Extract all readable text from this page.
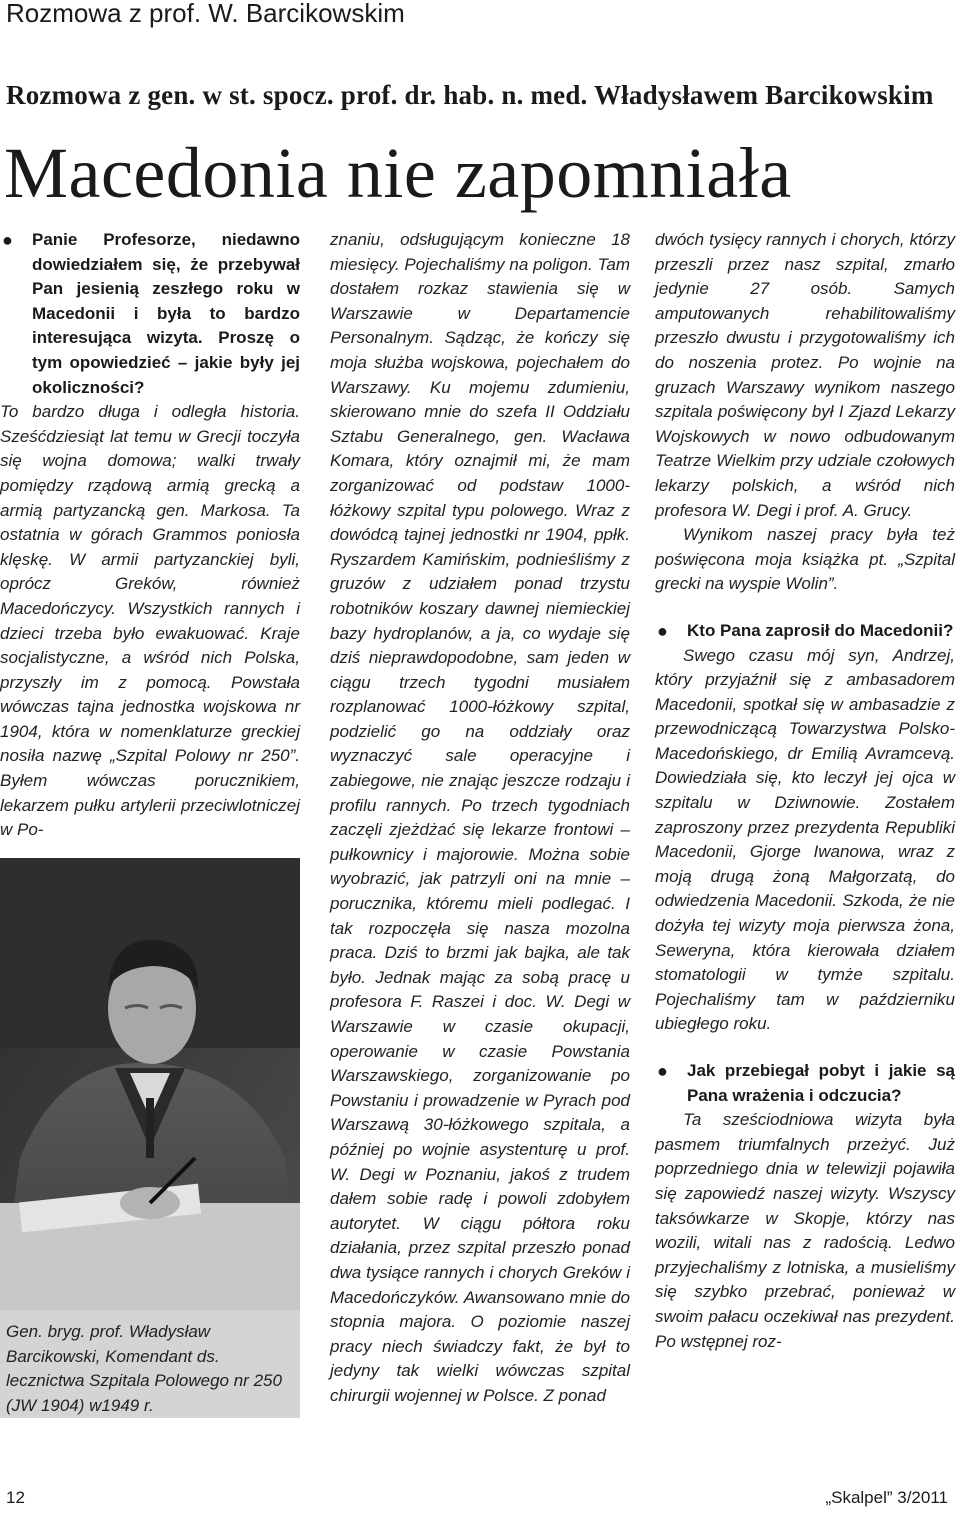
Rozmowa z prof. W. Barcikowskim
Rozmowa z gen. w st. spocz. prof. dr. hab. n. med. Władysławem Barcikowskim
Macedonia nie zapomniała
●	Panie Profesorze, niedawno dowiedziałem się, że przebywał Pan jesienią zeszłego roku w Macedonii i była to bardzo interesująca wizyta. Proszę o tym opowiedzieć – jakie były jej okoliczności?

To bardzo długa i odległa historia. Sześćdziesiąt lat temu w Grecji toczyła się wojna domowa; walki trwały pomiędzy rządową armią grecką a armią partyzancką gen. Markosa. Ta ostatnia w górach Grammos poniosła klęskę. W armii partyzanckiej byli, oprócz Greków, również Macedończycy. Wszystkich rannych i dzieci trzeba było ewakuować. Kraje socjalistyczne, a wśród nich Polska, przyszły im z pomocą. Powstała wówczas tajna jednostka wojskowa nr 1904, która w nomenklaturze greckiej nosiła nazwę „Szpital Polowy nr 250”. Byłem wówczas porucznikiem, lekarzem pułku artylerii przeciwlotniczej w Po-

Gen. bryg. prof. Władysław Barcikowski, Komendant ds. lecznictwa Szpitala Polowego nr 250 (JW 1904) w1949 r.

znaniu, odsługującym konieczne 18 miesięcy. Pojechaliśmy na poligon. Tam dostałem rozkaz stawienia się w Warszawie w Departamencie Personalnym. Sądząc, że kończy się moja służba wojskowa, pojechałem do Warszawy. Ku mojemu zdumieniu, skierowano mnie do szefa II Oddziału Sztabu Generalnego, gen. Wacława Komara, który oznajmił mi, że mam zorganizować od podstaw 1000-łóżkowy szpital typu polowego. Wraz z dowódcą tajnej jednostki nr 1904, ppłk. Ryszardem Kamińskim, podnieśliśmy z gruzów z udziałem ponad trzystu robotników koszary dawnej niemieckiej bazy hydroplanów, a ja, co wydaje się dziś nieprawdopodobne, sam jeden w ciągu trzech tygodni musiałem rozplanować 1000-łóżkowy szpital, podzielić go na oddziały oraz wyznaczyć sale operacyjne i zabiegowe, nie znając jeszcze rodzaju i profilu rannych. Po trzech tygodniach zaczęli zjeżdżać się lekarze frontowi – pułkownicy i majorowie. Można sobie wyobrazić, jak patrzyli oni na mnie – porucznika, któremu mieli podlegać. I tak rozpoczęła się nasza mozolna praca. Dziś to brzmi jak bajka, ale tak było. Jednak mając za sobą pracę u profesora F. Raszei i doc. W. Degi w Warszawie w czasie okupacji, operowanie w czasie Powstania Warszawskiego, zorganizowanie po Powstaniu i prowadzenie w Pyrach pod Warszawą 30-łóżkowego szpitala, a później po wojnie asystenturę u prof. W. Degi w Poznaniu, jakoś z trudem dałem sobie radę i powoli zdobyłem autorytet. W ciągu półtora roku działania, przez szpital przeszło ponad dwa tysiące rannych i chorych Greków i Macedończyków. Awansowano mnie do stopnia majora. O poziomie naszej pracy niech świadczy fakt, że był to jedyny tak wielki wówczas szpital chirurgii wojennej w Polsce. Z ponad

dwóch tysięcy rannych i chorych, którzy przeszli przez nasz szpital, zmarło jedynie 27 osób. Samych amputowanych rehabilitowaliśmy przeszło dwustu i przygotowaliśmy ich do noszenia protez. Po wojnie na gruzach Warszawy wynikom naszego szpitala poświęcony był I Zjazd Lekarzy Wojskowych w nowo odbudowanym Teatrze Wielkim przy udziale czołowych lekarzy polskich, a wśród nich profesora W. Degi i prof. A. Grucy.

Wynikom naszej pracy była też poświęcona moja książka pt. „Szpital grecki na wyspie Wolin”.

●	Kto Pana zaprosił do Macedonii?

Swego czasu mój syn, Andrzej, który przyjaźnił się z ambasadorem Macedonii, spotkał się w ambasadzie z przewodniczącą Towarzystwa Polsko-Macedońskiego, dr Emilią Avramcevą. Dowiedziała się, kto leczył jej ojca w szpitalu w Dziwnowie. Zostałem zaproszony przez prezydenta Republiki Macedonii, Gjorge Iwanowa, wraz z moją drugą żoną Małgorzatą, do odwiedzenia Macedonii. Szkoda, że nie dożyła tej wizyty moja pierwsza żona, Seweryna, która kierowała działem stomatologii w tymże szpitalu. Pojechaliśmy tam w październiku ubiegłego roku.

●	Jak przebiegał pobyt i jakie są Pana wrażenia i odczucia?

Ta sześciodniowa wizyta była pasmem triumfalnych przeżyć. Już poprzedniego dnia w telewizji pojawiła się zapowiedź naszej wizyty. Wszyscy taksówkarze w Skopje, którzy nas wozili, witali nas z radością. Ledwo przyjechaliśmy z lotniska, a musieliśmy się szybko przebrać, ponieważ w swoim pałacu oczekiwał nas prezydent. Po wstępnej roz-

12	„Skalpel” 3/2011
